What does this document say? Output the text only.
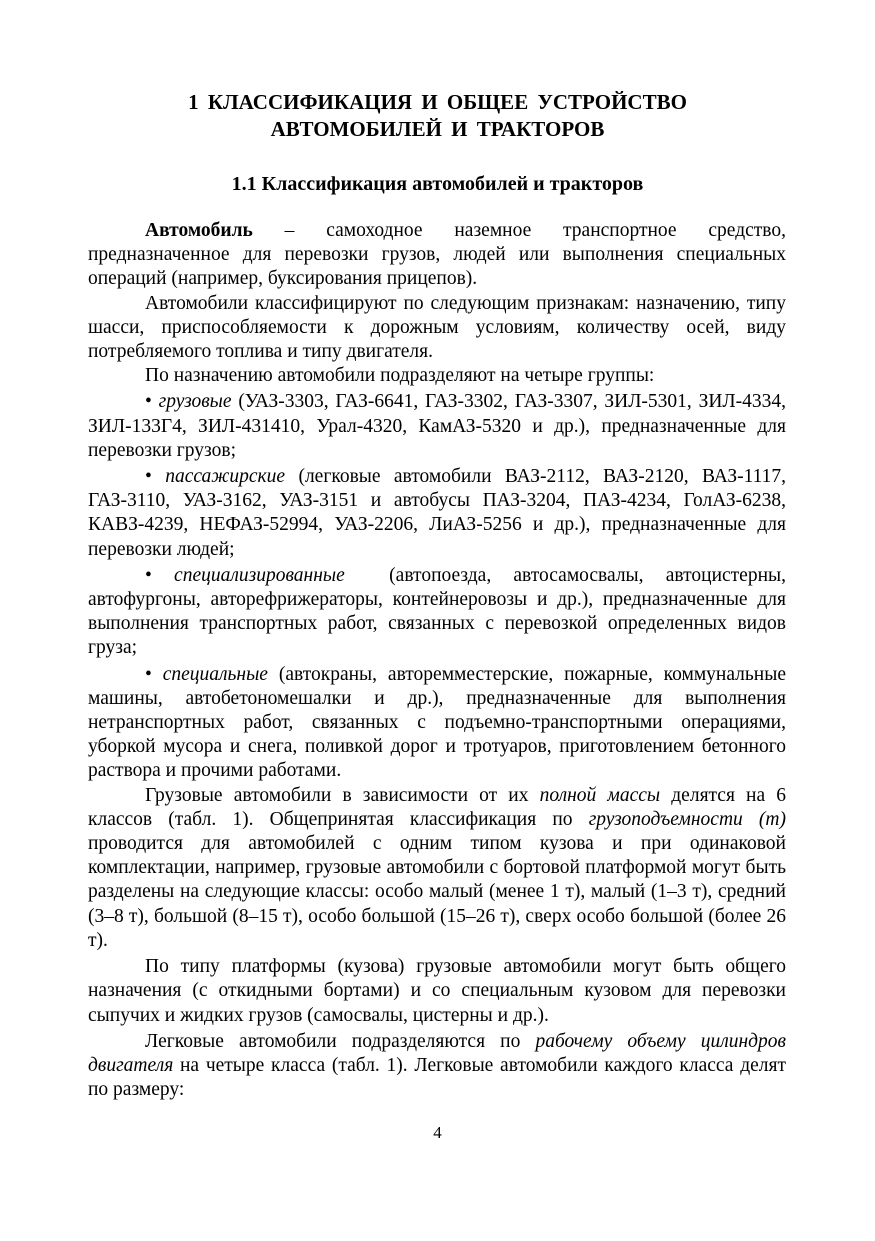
1 КЛАССИФИКАЦИЯ И ОБЩЕЕ УСТРОЙСТВО
АВТОМОБИЛЕЙ И ТРАКТОРОВ
1.1 Классификация автомобилей и тракторов

Автомобиль – самоходное наземное транспортное средство, предназначенное для перевозки грузов, людей или выполнения специальных операций (например, буксирования прицепов).

Автомобили классифицируют по следующим признакам: назначению, типу шасси, приспособляемости к дорожным условиям, количеству осей, виду потребляемого топлива и типу двигателя.

По назначению автомобили подразделяют на четыре группы:

• грузовые (УАЗ-3303, ГАЗ-6641, ГАЗ-3302, ГАЗ-3307, ЗИЛ-5301, ЗИЛ-4334, ЗИЛ-133Г4, ЗИЛ-431410, Урал-4320, КамАЗ-5320 и др.), предназначенные для перевозки грузов;

• пассажирские (легковые автомобили ВАЗ-2112, ВАЗ-2120, ВАЗ-1117, ГАЗ-3110, УАЗ-3162, УАЗ-3151 и автобусы ПАЗ-3204, ПАЗ-4234, ГолАЗ-6238, КАВЗ-4239, НЕФАЗ-52994, УАЗ-2206, ЛиАЗ-5256 и др.), предназначенные для перевозки людей;

• специализированные  (автопоезда, автосамосвалы, автоцистерны, автофургоны, авторефрижераторы, контейнеровозы и др.), предназначенные для выполнения транспортных работ, связанных с перевозкой определенных видов груза;

• специальные (автокраны, авторемместерские, пожарные, коммунальные машины, автобетономешалки и др.), предназначенные для выполнения нетранспортных работ, связанных с подъемно-транспортными операциями, уборкой мусора и снега, поливкой дорог и тротуаров, приготовлением бетонного раствора и прочими работами.

Грузовые автомобили в зависимости от их полной массы делятся на 6 классов (табл. 1). Общепринятая классификация по грузоподъемности (т) проводится для автомобилей с одним типом кузова и при одинаковой комплектации, например, грузовые автомобили с бортовой платформой могут быть разделены на следующие классы: особо малый (менее 1 т), малый (1–3 т), средний (3–8 т), большой (8–15 т), особо большой (15–26 т), сверх особо большой (более 26 т).

По типу платформы (кузова) грузовые автомобили могут быть общего назначения (с откидными бортами) и со специальным кузовом для перевозки сыпучих и жидких грузов (самосвалы, цистерны и др.).

Легковые автомобили подразделяются по рабочему объему цилиндров двигателя на четыре класса (табл. 1). Легковые автомобили каждого класса делят по размеру:

4
